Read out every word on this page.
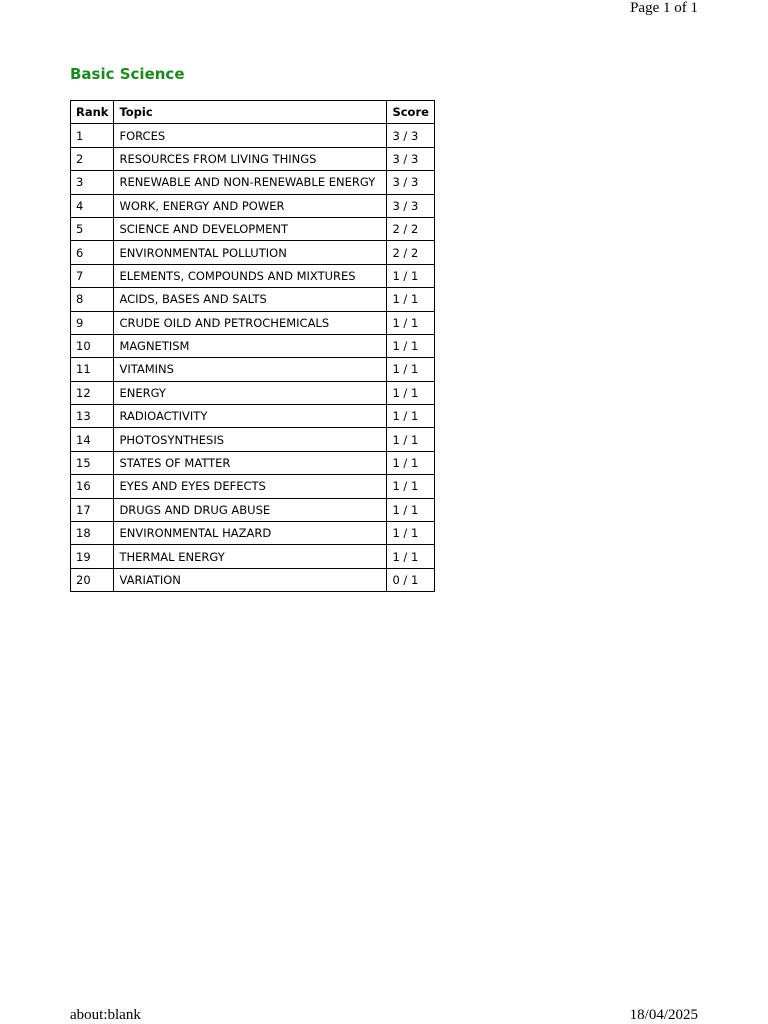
Page 1 of 1
Basic Science
Rank	Topic	Score
1	FORCES	3 / 3
2	RESOURCES FROM LIVING THINGS	3 / 3
3	RENEWABLE AND NON-RENEWABLE ENERGY	3 / 3
4	WORK, ENERGY AND POWER	3 / 3
5	SCIENCE AND DEVELOPMENT	2 / 2
6	ENVIRONMENTAL POLLUTION	2 / 2
7	ELEMENTS, COMPOUNDS AND MIXTURES	1 / 1
8	ACIDS, BASES AND SALTS	1 / 1
9	CRUDE OILD AND PETROCHEMICALS	1 / 1
10	MAGNETISM	1 / 1
11	VITAMINS	1 / 1
12	ENERGY	1 / 1
13	RADIOACTIVITY	1 / 1
14	PHOTOSYNTHESIS	1 / 1
15	STATES OF MATTER	1 / 1
16	EYES AND EYES DEFECTS	1 / 1
17	DRUGS AND DRUG ABUSE	1 / 1
18	ENVIRONMENTAL HAZARD	1 / 1
19	THERMAL ENERGY	1 / 1
20	VARIATION	0 / 1
about:blank	18/04/2025
